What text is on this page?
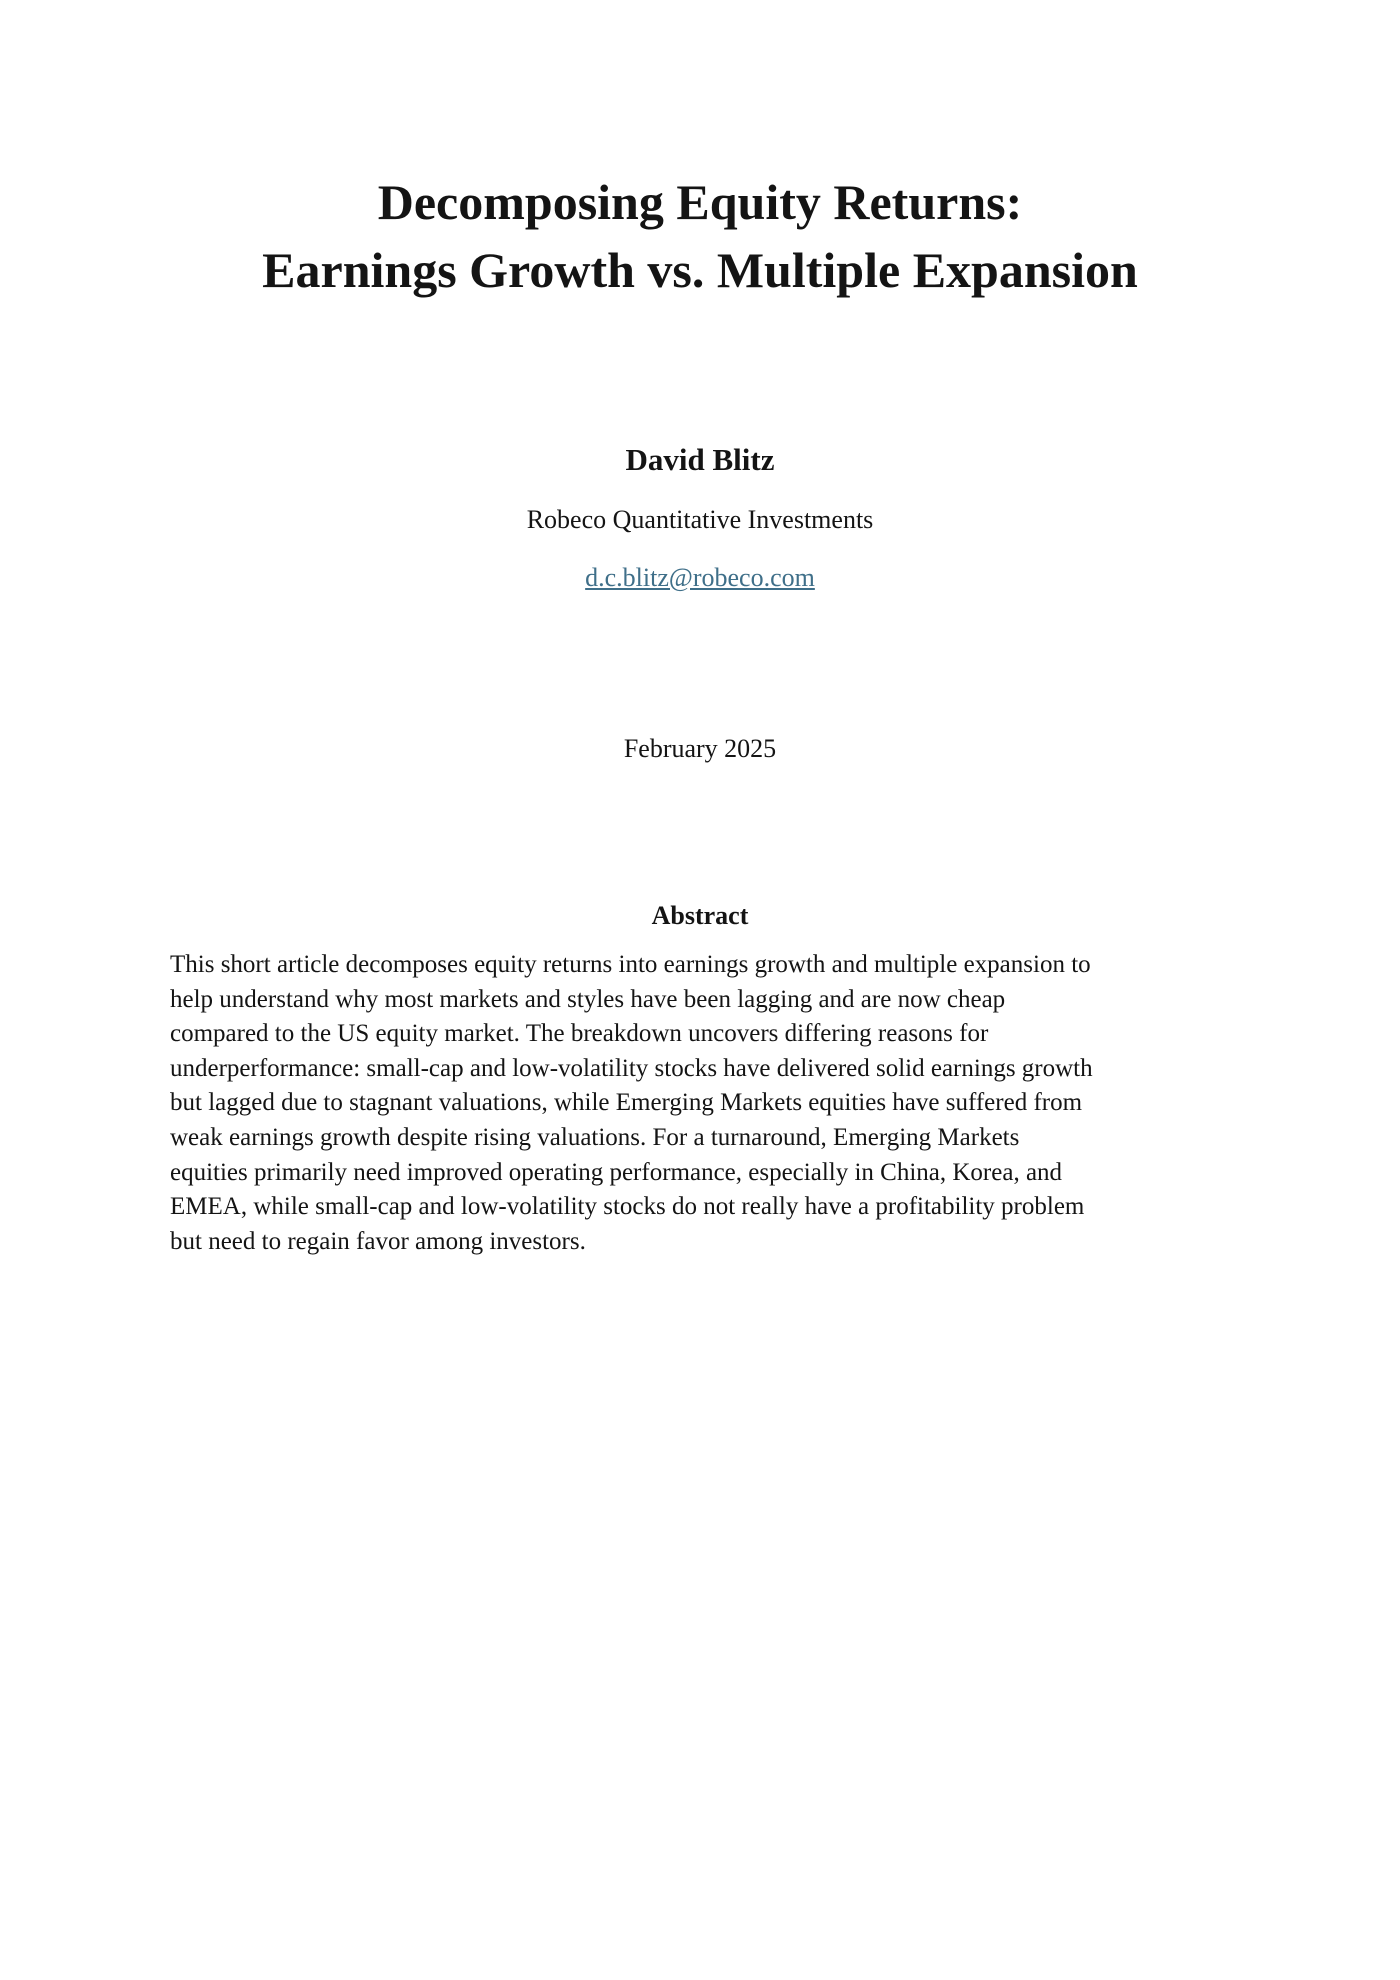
Decomposing Equity Returns:
Earnings Growth vs. Multiple Expansion

David Blitz

Robeco Quantitative Investments

d.c.blitz@robeco.com

February 2025

Abstract

This short article decomposes equity returns into earnings growth and multiple expansion to
help understand why most markets and styles have been lagging and are now cheap
compared to the US equity market. The breakdown uncovers differing reasons for
underperformance: small-cap and low-volatility stocks have delivered solid earnings growth
but lagged due to stagnant valuations, while Emerging Markets equities have suffered from
weak earnings growth despite rising valuations. For a turnaround, Emerging Markets
equities primarily need improved operating performance, especially in China, Korea, and
EMEA, while small-cap and low-volatility stocks do not really have a profitability problem
but need to regain favor among investors.
